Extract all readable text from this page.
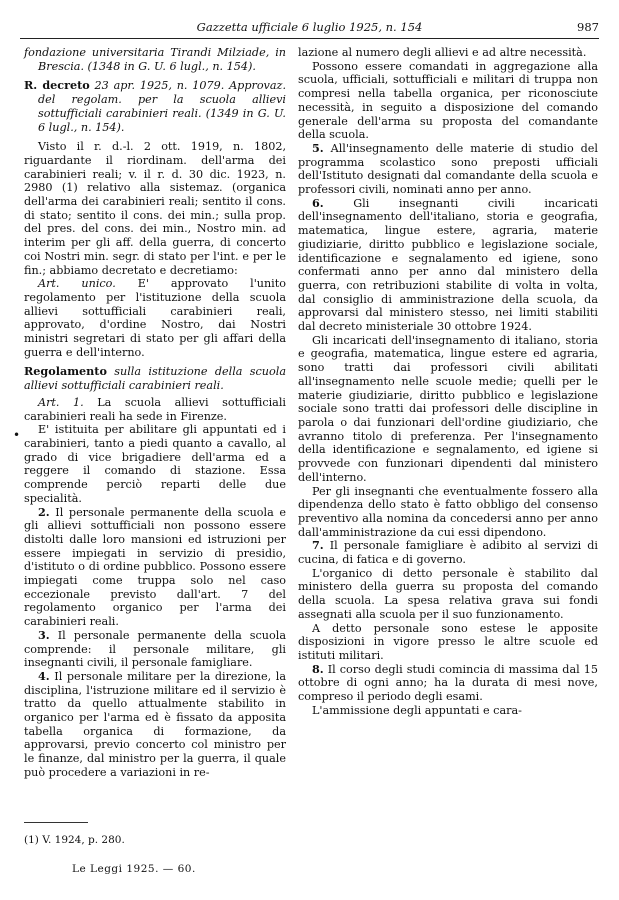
Gazzetta ufficiale 6 luglio 1925, n. 154	987

fondazione universitaria Tirandi Milziade, in Brescia. (1348 in G. U. 6 lugl., n. 154).

R. decreto 23 apr. 1925, n. 1079. Approvaz. del regolam. per la scuola allievi sottufficiali carabinieri reali. (1349 in G. U. 6 lugl., n. 154).

Visto il r. d.-l. 2 ott. 1919, n. 1802, riguardante il riordinam. dell'arma dei carabinieri reali; v. il r. d. 30 dic. 1923, n. 2980 (1) relativo alla sistemaz. (organica dell'arma dei carabinieri reali; sentito il cons. di stato; sentito il cons. dei min.; sulla prop. del pres. del cons. dei min., Nostro min. ad interim per gli aff. della guerra, di concerto coi Nostri min. segr. di stato per l'int. e per le fin.; abbiamo decretato e decretiamo:

Art. unico. E' approvato l'unito regolamento per l'istituzione della scuola allievi sottufficiali carabinieri reali, approvato, d'ordine Nostro, dai Nostri ministri segretari di stato per gli affari della guerra e dell'interno.

Regolamento sulla istituzione della scuola allievi sottufficiali carabinieri reali.

Art. 1. La scuola allievi sottufficiali carabinieri reali ha sede in Firenze.

E' istituita per abilitare gli appuntati ed i carabinieri, tanto a piedi quanto a cavallo, al grado di vice brigadiere dell'arma ed a reggere il comando di stazione. Essa comprende perciò reparti delle due specialità.

2. Il personale permanente della scuola e gli allievi sottufficiali non possono essere distolti dalle loro mansioni ed istruzioni per essere impiegati in servizio di presidio, d'istituto o di ordine pubblico. Possono essere impiegati come truppa solo nel caso eccezionale previsto dall'art. 7 del regolamento organico per l'arma dei carabinieri reali.

3. Il personale permanente della scuola comprende: il personale militare, gli insegnanti civili, il personale famigliare.

4. Il personale militare per la direzione, la disciplina, l'istruzione militare ed il servizio è tratto da quello attualmente stabilito in organico per l'arma ed è fissato da apposita tabella organica di formazione, da approvarsi, previo concerto col ministro per le finanze, dal ministro per la guerra, il quale può procedere a variazioni in re-

lazione al numero degli allievi e ad altre necessità.

Possono essere comandati in aggregazione alla scuola, ufficiali, sottufficiali e militari di truppa non compresi nella tabella organica, per riconosciute necessità, in seguito a disposizione del comando generale dell'arma su proposta del comandante della scuola.

5. All'insegnamento delle materie di studio del programma scolastico sono preposti ufficiali dell'Istituto designati dal comandante della scuola e professori civili, nominati anno per anno.

6. Gli insegnanti civili incaricati dell'insegnamento dell'italiano, storia e geografia, matematica, lingue estere, agraria, materie giudiziarie, diritto pubblico e legislazione sociale, identificazione e segnalamento ed igiene, sono confermati anno per anno dal ministero della guerra, con retribuzioni stabilite di volta in volta, dal consiglio di amministrazione della scuola, da approvarsi dal ministero stesso, nei limiti stabiliti dal decreto ministeriale 30 ottobre 1924.

Gli incaricati dell'insegnamento di italiano, storia e geografia, matematica, lingue estere ed agraria, sono tratti dai professori civili abilitati all'insegnamento nelle scuole medie; quelli per le materie giudiziarie, diritto pubblico e legislazione sociale sono tratti dai professori delle discipline in parola o dai funzionari dell'ordine giudiziario, che avranno titolo di preferenza. Per l'insegnamento della identificazione e segnalamento, ed igiene si provvede con funzionari dipendenti dal ministero dell'interno.

Per gli insegnanti che eventualmente fossero alla dipendenza dello stato è fatto obbligo del consenso preventivo alla nomina da concedersi anno per anno dall'amministrazione da cui essi dipendono.

7. Il personale famigliare è adibito al servizi di cucina, di fatica e di governo.

L'organico di detto personale è stabilito dal ministero della guerra su proposta del comando della scuola. La spesa relativa grava sui fondi assegnati alla scuola per il suo funzionamento.

A detto personale sono estese le apposite disposizioni in vigore presso le altre scuole ed istituti militari.

8. Il corso degli studi comincia di massima dal 15 ottobre di ogni anno; ha la durata di mesi nove, compreso il periodo degli esami.

L'ammissione degli appuntati e cara-

•
(1) V. 1924, p. 280.
Le Leggi 1925. — 60.
